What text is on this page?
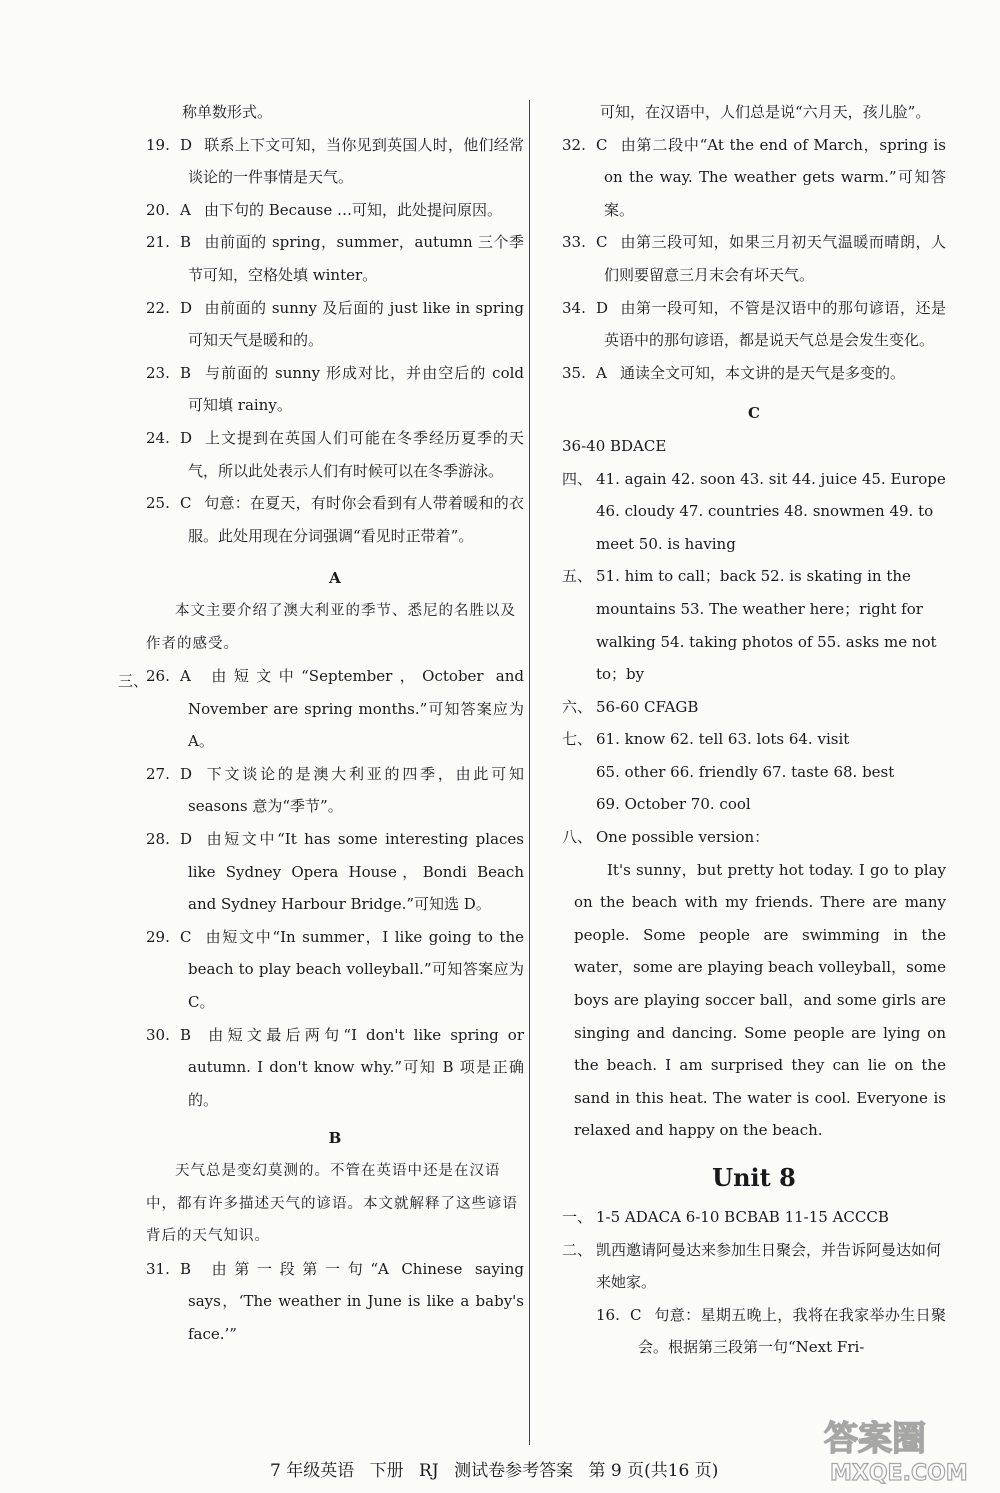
称单数形式。
19. D 联系上下文可知，当你见到英国人时，他们经常谈论的一件事情是天气。
20. A 由下句的 Because …可知，此处提问原因。
21. B 由前面的 spring，summer，autumn 三个季节可知，空格处填 winter。
22. D 由前面的 sunny 及后面的 just like in spring 可知天气是暖和的。
23. B 与前面的 sunny 形成对比，并由空后的 cold 可知填 rainy。
24. D 上文提到在英国人们可能在冬季经历夏季的天气，所以此处表示人们有时候可以在冬季游泳。
25. C 句意：在夏天，有时你会看到有人带着暖和的衣服。此处用现在分词强调“看见时正带着”。
A
本文主要介绍了澳大利亚的季节、悉尼的名胜以及作者的感受。
26. A 由短文中“September，October and November are spring months.”可知答案应为 A。
27. D 下文谈论的是澳大利亚的四季，由此可知 seasons 意为“季节”。
28. D 由短文中“It has some interesting places like Sydney Opera House，Bondi Beach and Sydney Harbour Bridge.”可知选 D。
29. C 由短文中“In summer，I like going to the beach to play beach volleyball.”可知答案应为 C。
30. B 由短文最后两句“I don't like spring or autumn. I don't know why.”可知 B 项是正确的。
B
天气总是变幻莫测的。不管在英语中还是在汉语中，都有许多描述天气的谚语。本文就解释了这些谚语背后的天气知识。
31. B 由第一段第一句“A Chinese saying says，‘The weather in June is like a baby's face.’”
三、
可知，在汉语中，人们总是说“六月天，孩儿脸”。
32. C 由第二段中“At the end of March，spring is on the way. The weather gets warm.”可知答案。
33. C 由第三段可知，如果三月初天气温暖而晴朗，人们则要留意三月末会有坏天气。
34. D 由第一段可知，不管是汉语中的那句谚语，还是英语中的那句谚语，都是说天气总是会发生变化。
35. A 通读全文可知，本文讲的是天气是多变的。
C
36-40 BDACE
四、 41. again 42. soon 43. sit 44. juice 45. Europe
46. cloudy 47. countries 48. snowmen 49. to
meet 50. is having
五、 51. him to call；back 52. is skating in the
mountains 53. The weather here；right for
walking 54. taking photos of 55. asks me not
to；by
六、 56-60 CFAGB
七、 61. know 62. tell 63. lots 64. visit
65. other 66. friendly 67. taste 68. best
69. October 70. cool
八、 One possible version：
It's sunny，but pretty hot today. I go to play on the beach with my friends. There are many people. Some people are swimming in the water，some are playing beach volleyball，some boys are playing soccer ball，and some girls are singing and dancing. Some people are lying on the beach. I am surprised they can lie on the sand in this heat. The water is cool. Everyone is relaxed and happy on the beach.
Unit 8
一、 1-5 ADACA 6-10 BCBAB 11-15 ACCCB
二、 凯西邀请阿曼达来参加生日聚会，并告诉阿曼达如何来她家。
16. C 句意：星期五晚上，我将在我家举办生日聚会。根据第三段第一句“Next Fri-
7 年级英语 下册 RJ 测试卷参考答案 第 9 页(共16 页)
答案圈
MXQE.COM
